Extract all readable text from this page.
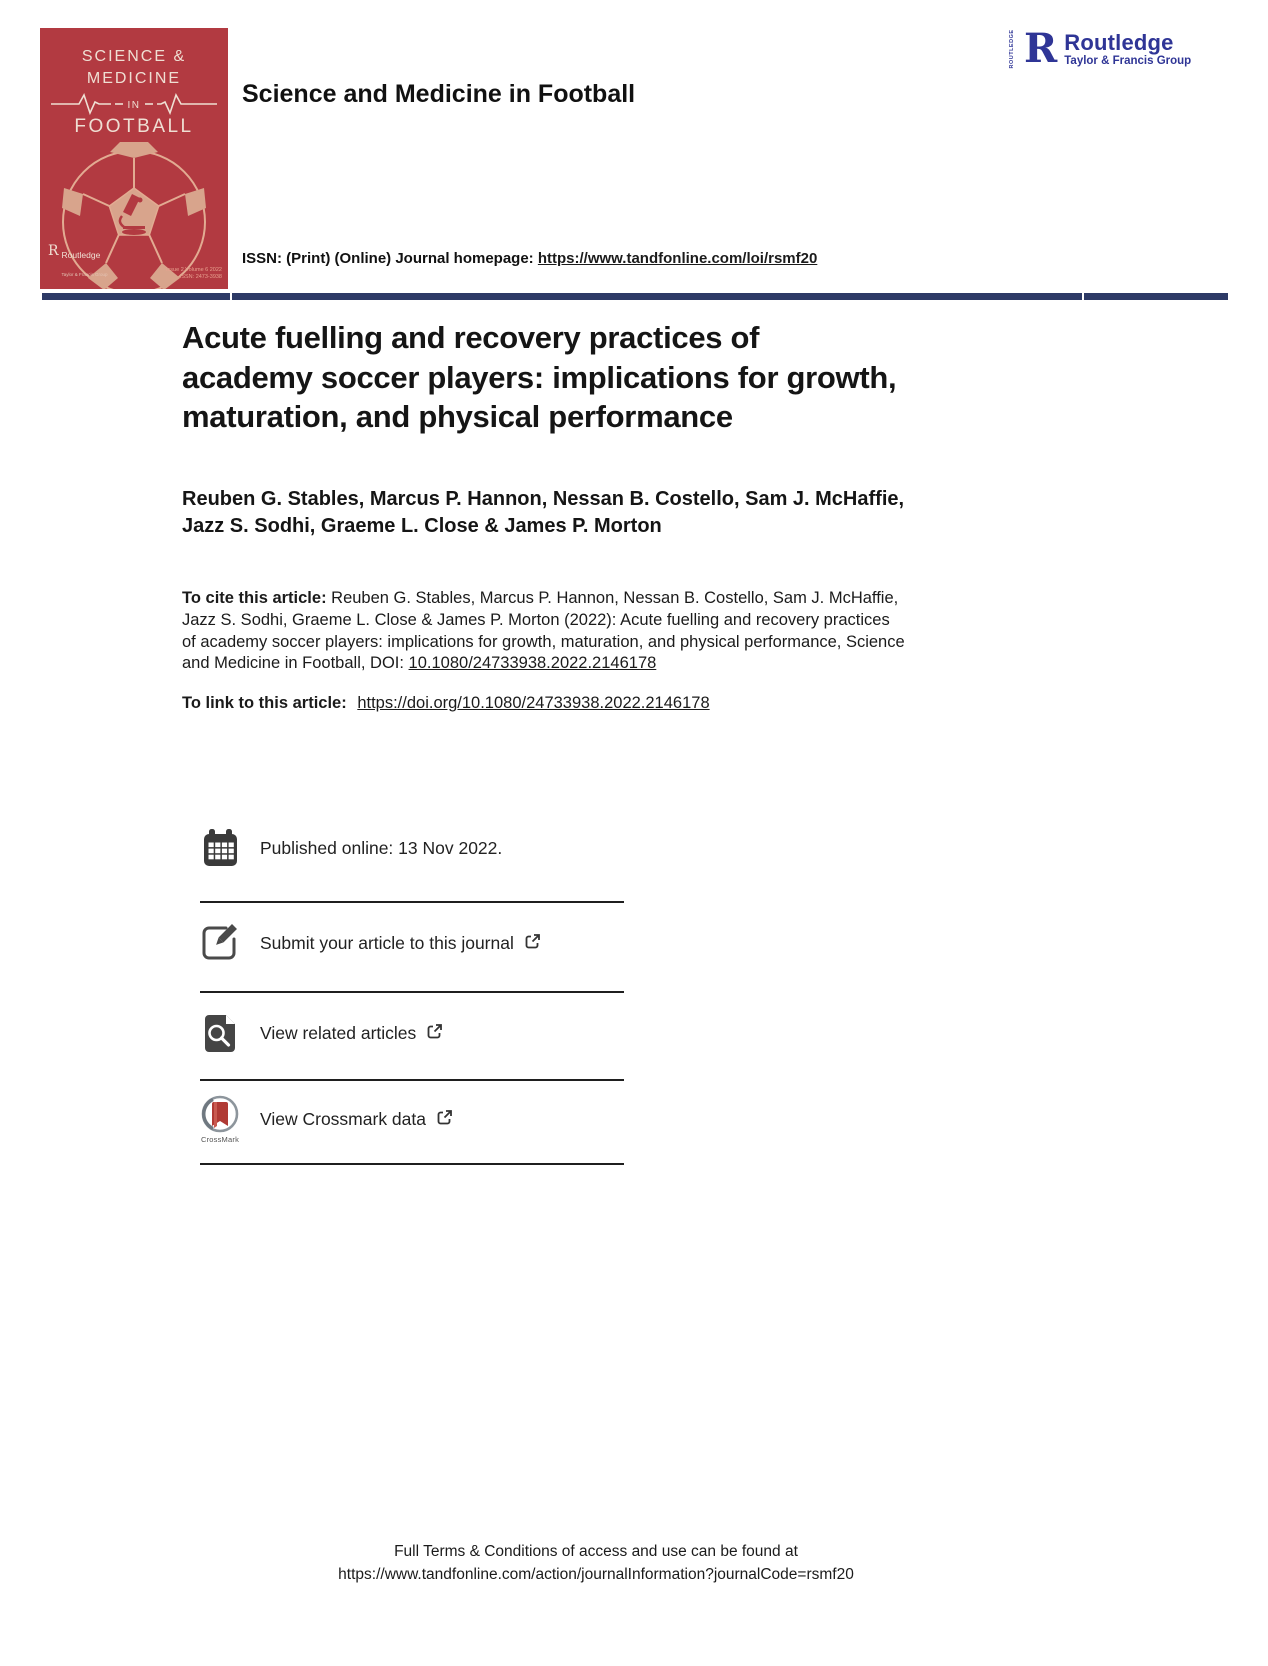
SCIENCE &
MEDICINE
IN
FOOTBALL
R Routledge
Taylor & Francis Group
Issue 2 Volume 6 2022
ISSN: 2473-3938
Science and Medicine in Football
ROUTLEDGE R Routledge
Taylor & Francis Group
ISSN: (Print) (Online) Journal homepage: https://www.tandfonline.com/loi/rsmf20
Acute fuelling and recovery practices of
academy soccer players: implications for growth,
maturation, and physical performance
Reuben G. Stables, Marcus P. Hannon, Nessan B. Costello, Sam J. McHaffie,
Jazz S. Sodhi, Graeme L. Close & James P. Morton
To cite this article: Reuben G. Stables, Marcus P. Hannon, Nessan B. Costello, Sam J. McHaffie,
Jazz S. Sodhi, Graeme L. Close & James P. Morton (2022): Acute fuelling and recovery practices
of academy soccer players: implications for growth, maturation, and physical performance, Science
and Medicine in Football, DOI: 10.1080/24733938.2022.2146178
To link to this article: https://doi.org/10.1080/24733938.2022.2146178
Published online: 13 Nov 2022.
Submit your article to this journal
View related articles
CrossMark
View Crossmark data
Full Terms & Conditions of access and use can be found at
https://www.tandfonline.com/action/journalInformation?journalCode=rsmf20
